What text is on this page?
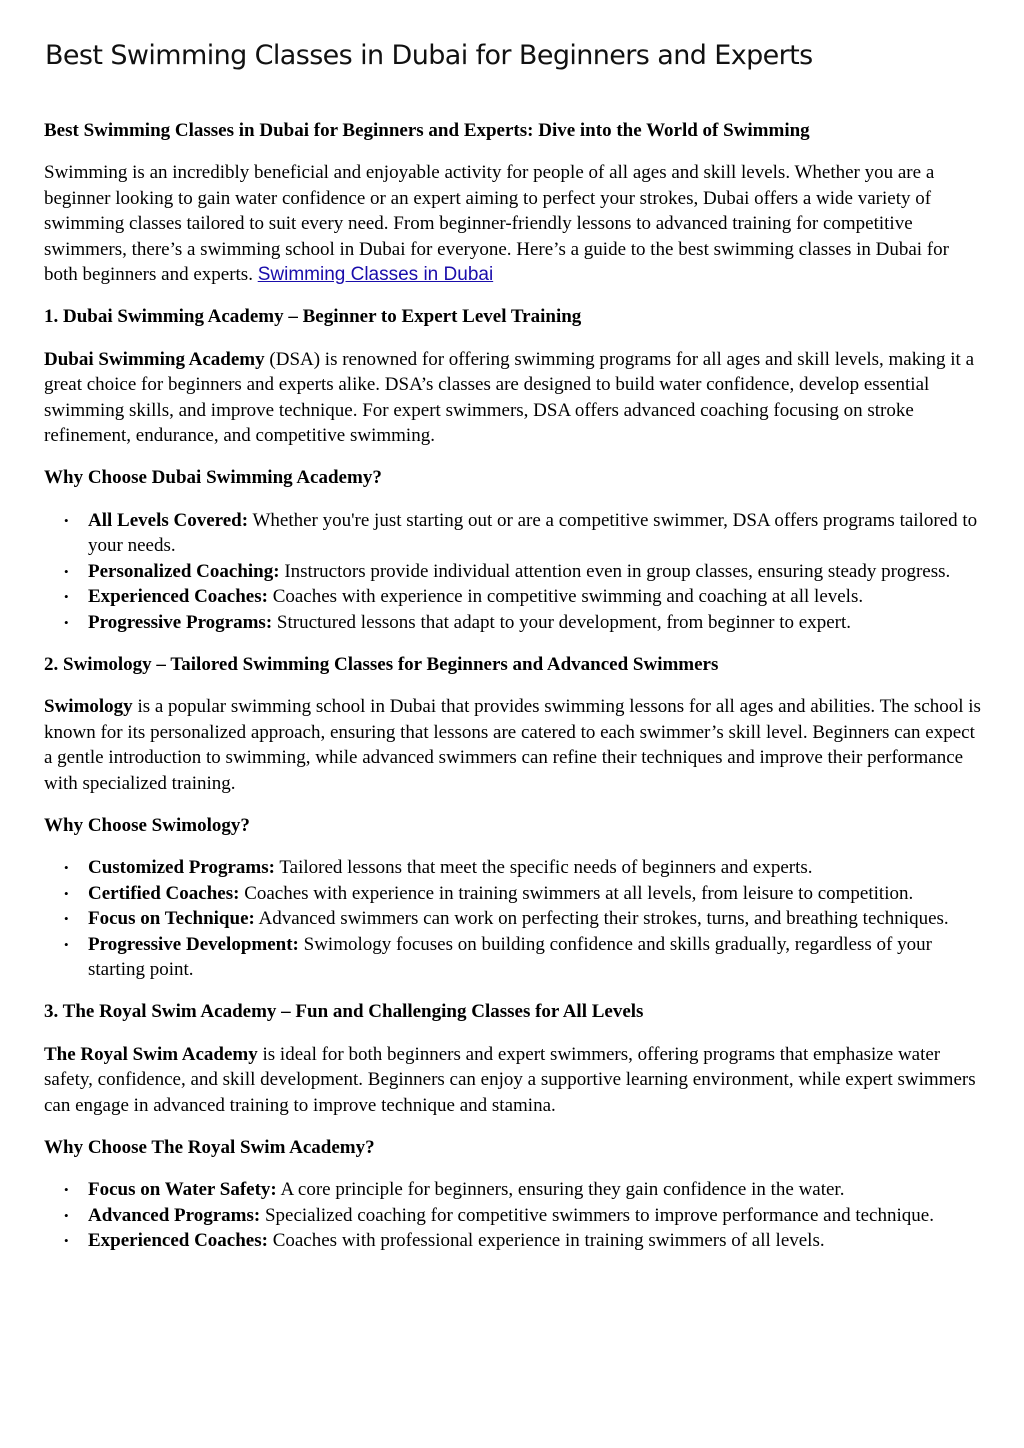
Best Swimming Classes in Dubai for Beginners and Experts
Best Swimming Classes in Dubai for Beginners and Experts: Dive into the World of Swimming

Swimming is an incredibly beneficial and enjoyable activity for people of all ages and skill levels. Whether you are a beginner looking to gain water confidence or an expert aiming to perfect your strokes, Dubai offers a wide variety of swimming classes tailored to suit every need. From beginner-friendly lessons to advanced training for competitive swimmers, there’s a swimming school in Dubai for everyone. Here’s a guide to the best swimming classes in Dubai for both beginners and experts. Swimming Classes in Dubai

1. Dubai Swimming Academy – Beginner to Expert Level Training

Dubai Swimming Academy (DSA) is renowned for offering swimming programs for all ages and skill levels, making it a great choice for beginners and experts alike. DSA’s classes are designed to build water confidence, develop essential swimming skills, and improve technique. For expert swimmers, DSA offers advanced coaching focusing on stroke refinement, endurance, and competitive swimming.

Why Choose Dubai Swimming Academy?
• All Levels Covered: Whether you're just starting out or are a competitive swimmer, DSA offers programs tailored to your needs.
• Personalized Coaching: Instructors provide individual attention even in group classes, ensuring steady progress.
• Experienced Coaches: Coaches with experience in competitive swimming and coaching at all levels.
• Progressive Programs: Structured lessons that adapt to your development, from beginner to expert.
2. Swimology – Tailored Swimming Classes for Beginners and Advanced Swimmers

Swimology is a popular swimming school in Dubai that provides swimming lessons for all ages and abilities. The school is known for its personalized approach, ensuring that lessons are catered to each swimmer’s skill level. Beginners can expect a gentle introduction to swimming, while advanced swimmers can refine their techniques and improve their performance with specialized training.

Why Choose Swimology?
• Customized Programs: Tailored lessons that meet the specific needs of beginners and experts.
• Certified Coaches: Coaches with experience in training swimmers at all levels, from leisure to competition.
• Focus on Technique: Advanced swimmers can work on perfecting their strokes, turns, and breathing techniques.
• Progressive Development: Swimology focuses on building confidence and skills gradually, regardless of your starting point.
3. The Royal Swim Academy – Fun and Challenging Classes for All Levels

The Royal Swim Academy is ideal for both beginners and expert swimmers, offering programs that emphasize water safety, confidence, and skill development. Beginners can enjoy a supportive learning environment, while expert swimmers can engage in advanced training to improve technique and stamina.

Why Choose The Royal Swim Academy?
• Focus on Water Safety: A core principle for beginners, ensuring they gain confidence in the water.
• Advanced Programs: Specialized coaching for competitive swimmers to improve performance and technique.
• Experienced Coaches: Coaches with professional experience in training swimmers of all levels.
